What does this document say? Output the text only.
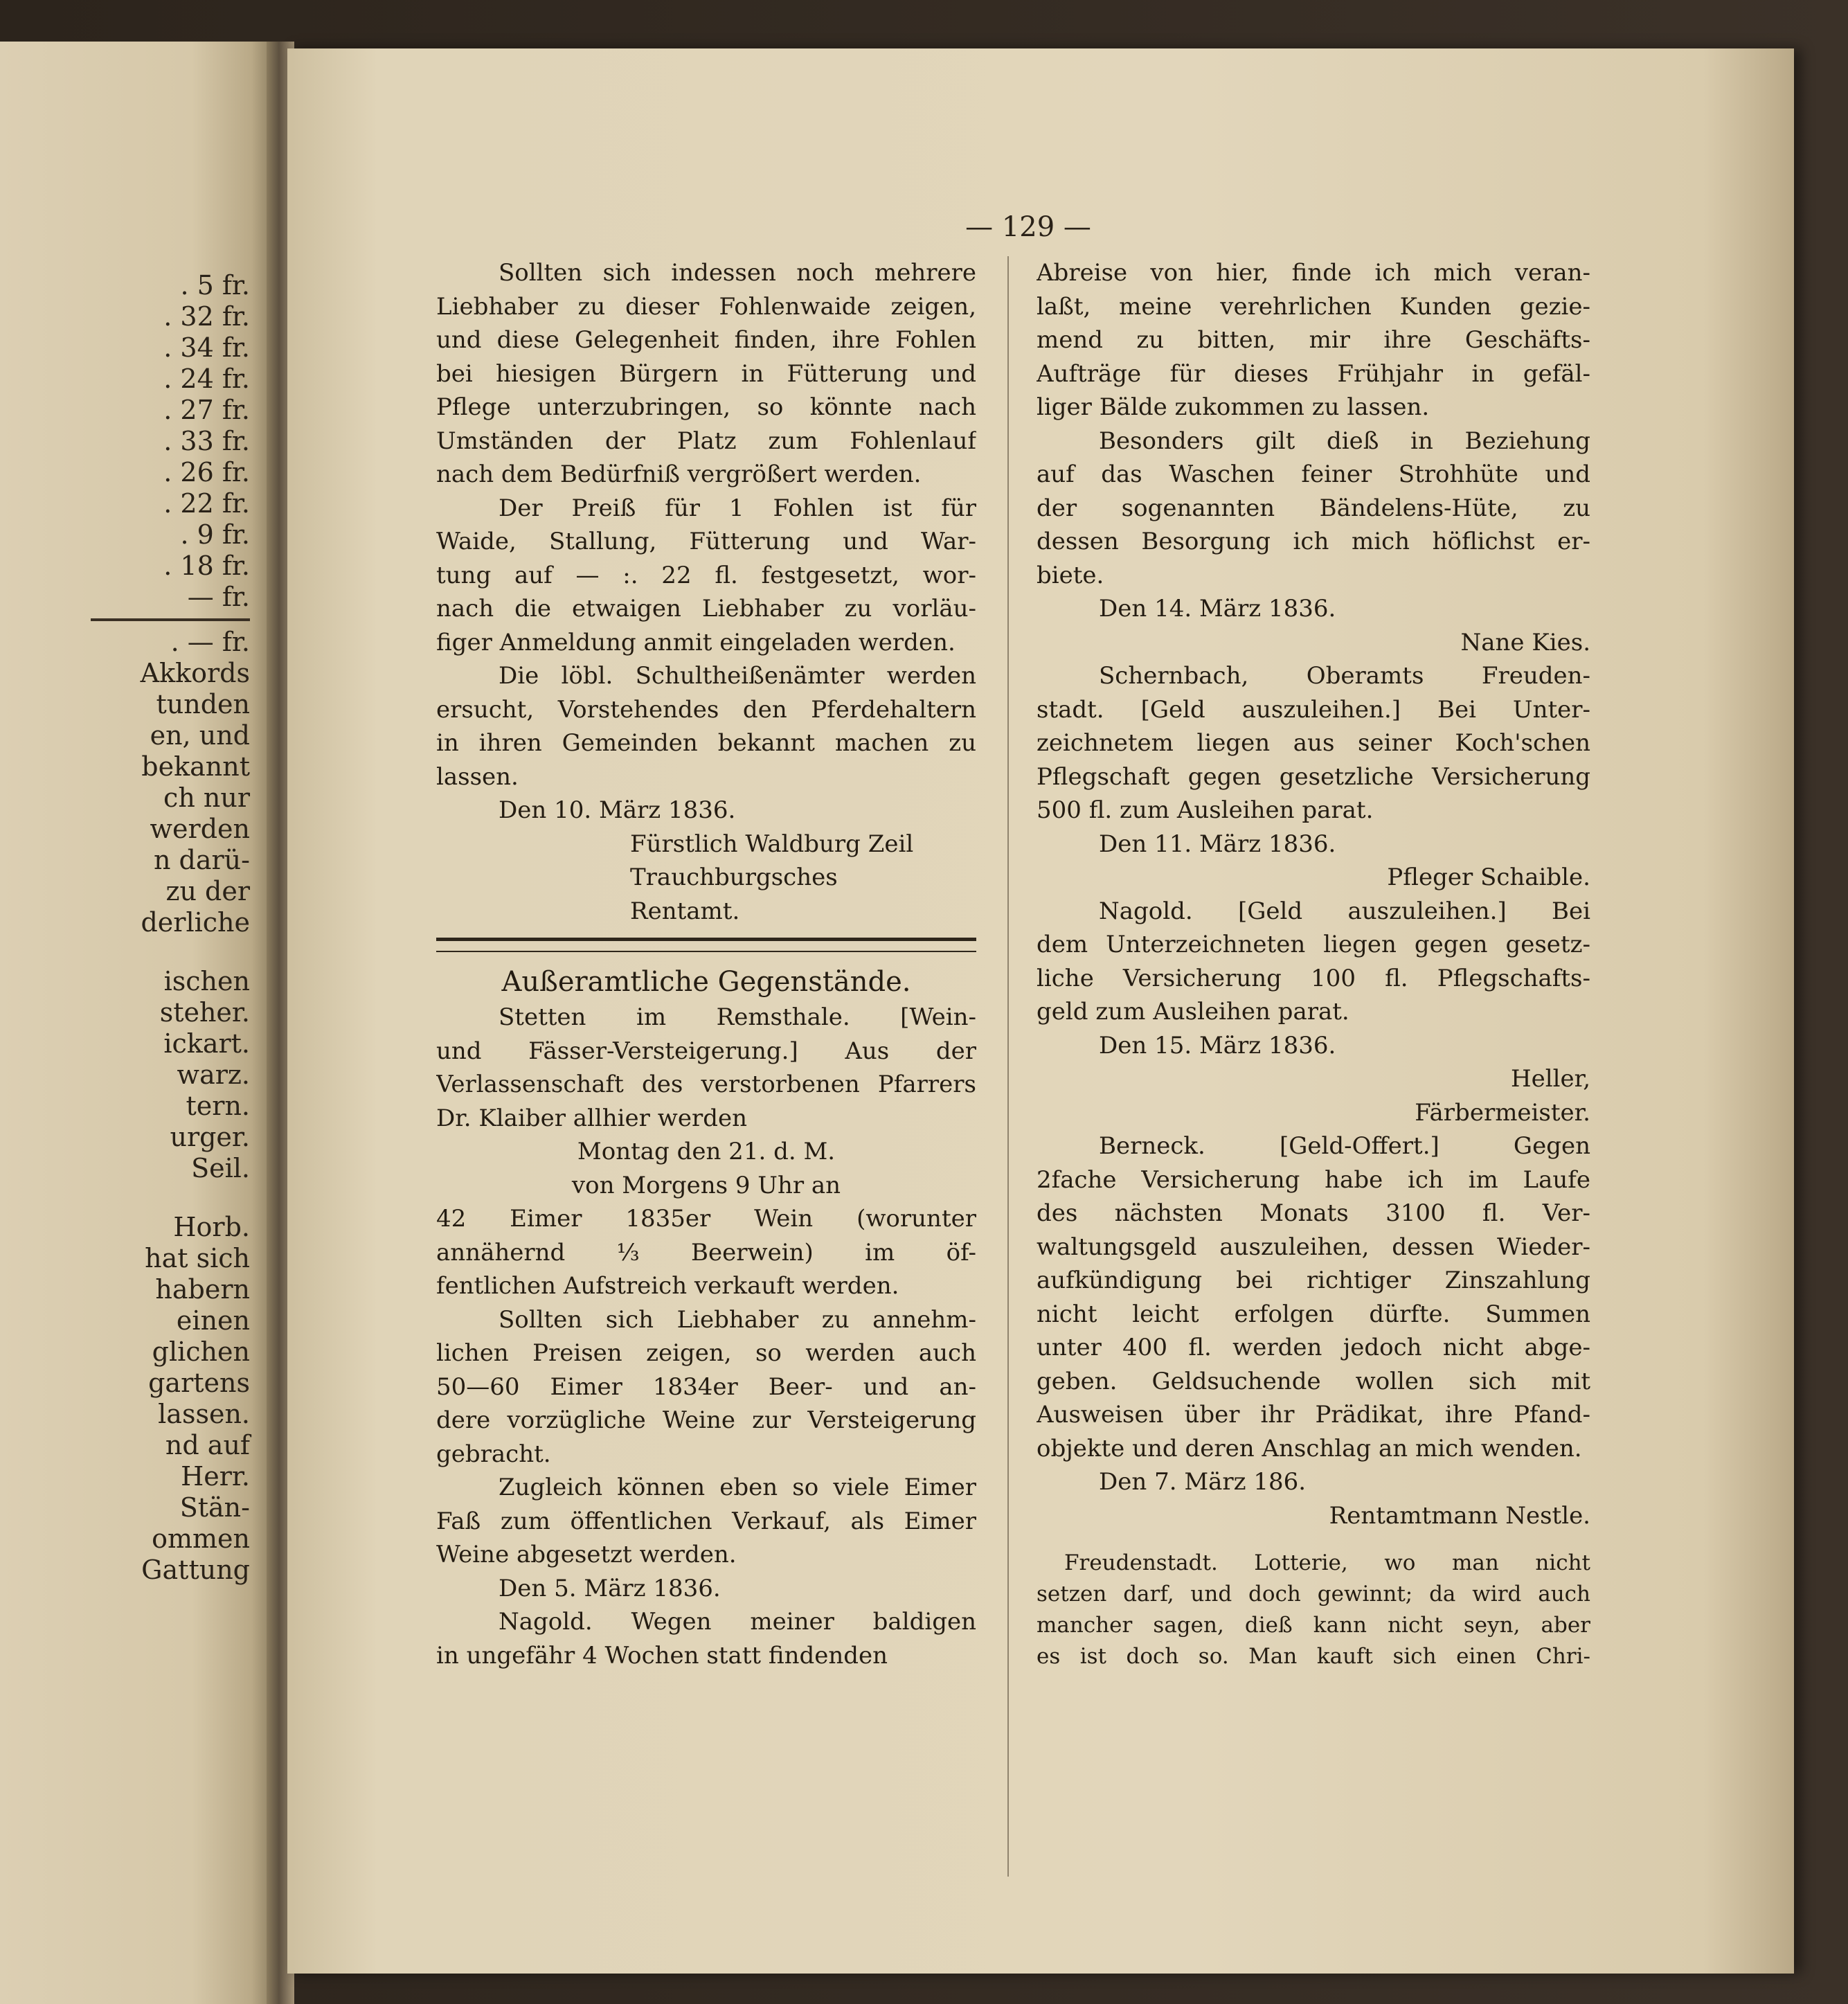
. 5 fr.
. 32 fr.
. 34 fr.
. 24 fr.
. 27 fr.
. 33 fr.
. 26 fr.
. 22 fr.
. 9 fr.
. 18 fr.
— fr.
. — fr.
Akkords
tunden
en, und
bekannt
ch nur
werden
n darü-
zu der
derliche
ischen
steher.
ickart.
warz.
tern.
urger.
Seil.
Horb.
hat sich
habern
einen
glichen
gartens
lassen.
nd auf
Herr.
Stän-
ommen
Gattung
— 129 —
Sollten sich indessen noch mehrere
Liebhaber zu dieser Fohlenwaide zeigen,
und diese Gelegenheit finden, ihre Fohlen
bei hiesigen Bürgern in Fütterung und
Pflege unterzubringen, so könnte nach
Umständen der Platz zum Fohlenlauf
nach dem Bedürfniß vergrößert werden.
Der Preiß für 1 Fohlen ist für
Waide, Stallung, Fütterung und War-
tung auf — :. 22 fl. festgesetzt, wor-
nach die etwaigen Liebhaber zu vorläu-
figer Anmeldung anmit eingeladen werden.
Die löbl. Schultheißenämter werden
ersucht, Vorstehendes den Pferdehaltern
in ihren Gemeinden bekannt machen zu
lassen.
Den 10. März 1836.
Fürstlich Waldburg Zeil
Trauchburgsches
Rentamt.
Außeramtliche Gegenstände.
Stetten im Remsthale. [Wein-
und Fässer-Versteigerung.] Aus der
Verlassenschaft des verstorbenen Pfarrers
Dr. Klaiber allhier werden
Montag den 21. d. M.
von Morgens 9 Uhr an
42 Eimer 1835er Wein (worunter
annähernd ⅓ Beerwein) im öf-
fentlichen Aufstreich verkauft werden.
Sollten sich Liebhaber zu annehm-
lichen Preisen zeigen, so werden auch
50—60 Eimer 1834er Beer- und an-
dere vorzügliche Weine zur Versteigerung
gebracht.
Zugleich können eben so viele Eimer
Faß zum öffentlichen Verkauf, als Eimer
Weine abgesetzt werden.
Den 5. März 1836.
Nagold. Wegen meiner baldigen
in ungefähr 4 Wochen statt findenden
Abreise von hier, finde ich mich veran-
laßt, meine verehrlichen Kunden gezie-
mend zu bitten, mir ihre Geschäfts-
Aufträge für dieses Frühjahr in gefäl-
liger Bälde zukommen zu lassen.
Besonders gilt dieß in Beziehung
auf das Waschen feiner Strohhüte und
der sogenannten Bändelens-Hüte, zu
dessen Besorgung ich mich höflichst er-
biete.
Den 14. März 1836.
Nane Kies.
Schernbach, Oberamts Freuden-
stadt. [Geld auszuleihen.] Bei Unter-
zeichnetem liegen aus seiner Koch'schen
Pflegschaft gegen gesetzliche Versicherung
500 fl. zum Ausleihen parat.
Den 11. März 1836.
Pfleger Schaible.
Nagold. [Geld auszuleihen.] Bei
dem Unterzeichneten liegen gegen gesetz-
liche Versicherung 100 fl. Pflegschafts-
geld zum Ausleihen parat.
Den 15. März 1836.
Heller,
Färbermeister.
Berneck. [Geld-Offert.] Gegen
2fache Versicherung habe ich im Laufe
des nächsten Monats 3100 fl. Ver-
waltungsgeld auszuleihen, dessen Wieder-
aufkündigung bei richtiger Zinszahlung
nicht leicht erfolgen dürfte. Summen
unter 400 fl. werden jedoch nicht abge-
geben. Geldsuchende wollen sich mit
Ausweisen über ihr Prädikat, ihre Pfand-
objekte und deren Anschlag an mich wenden.
Den 7. März 186.
Rentamtmann Nestle.
Freudenstadt. Lotterie, wo man nicht
setzen darf, und doch gewinnt; da wird auch
mancher sagen, dieß kann nicht seyn, aber
es ist doch so. Man kauft sich einen Chri-
